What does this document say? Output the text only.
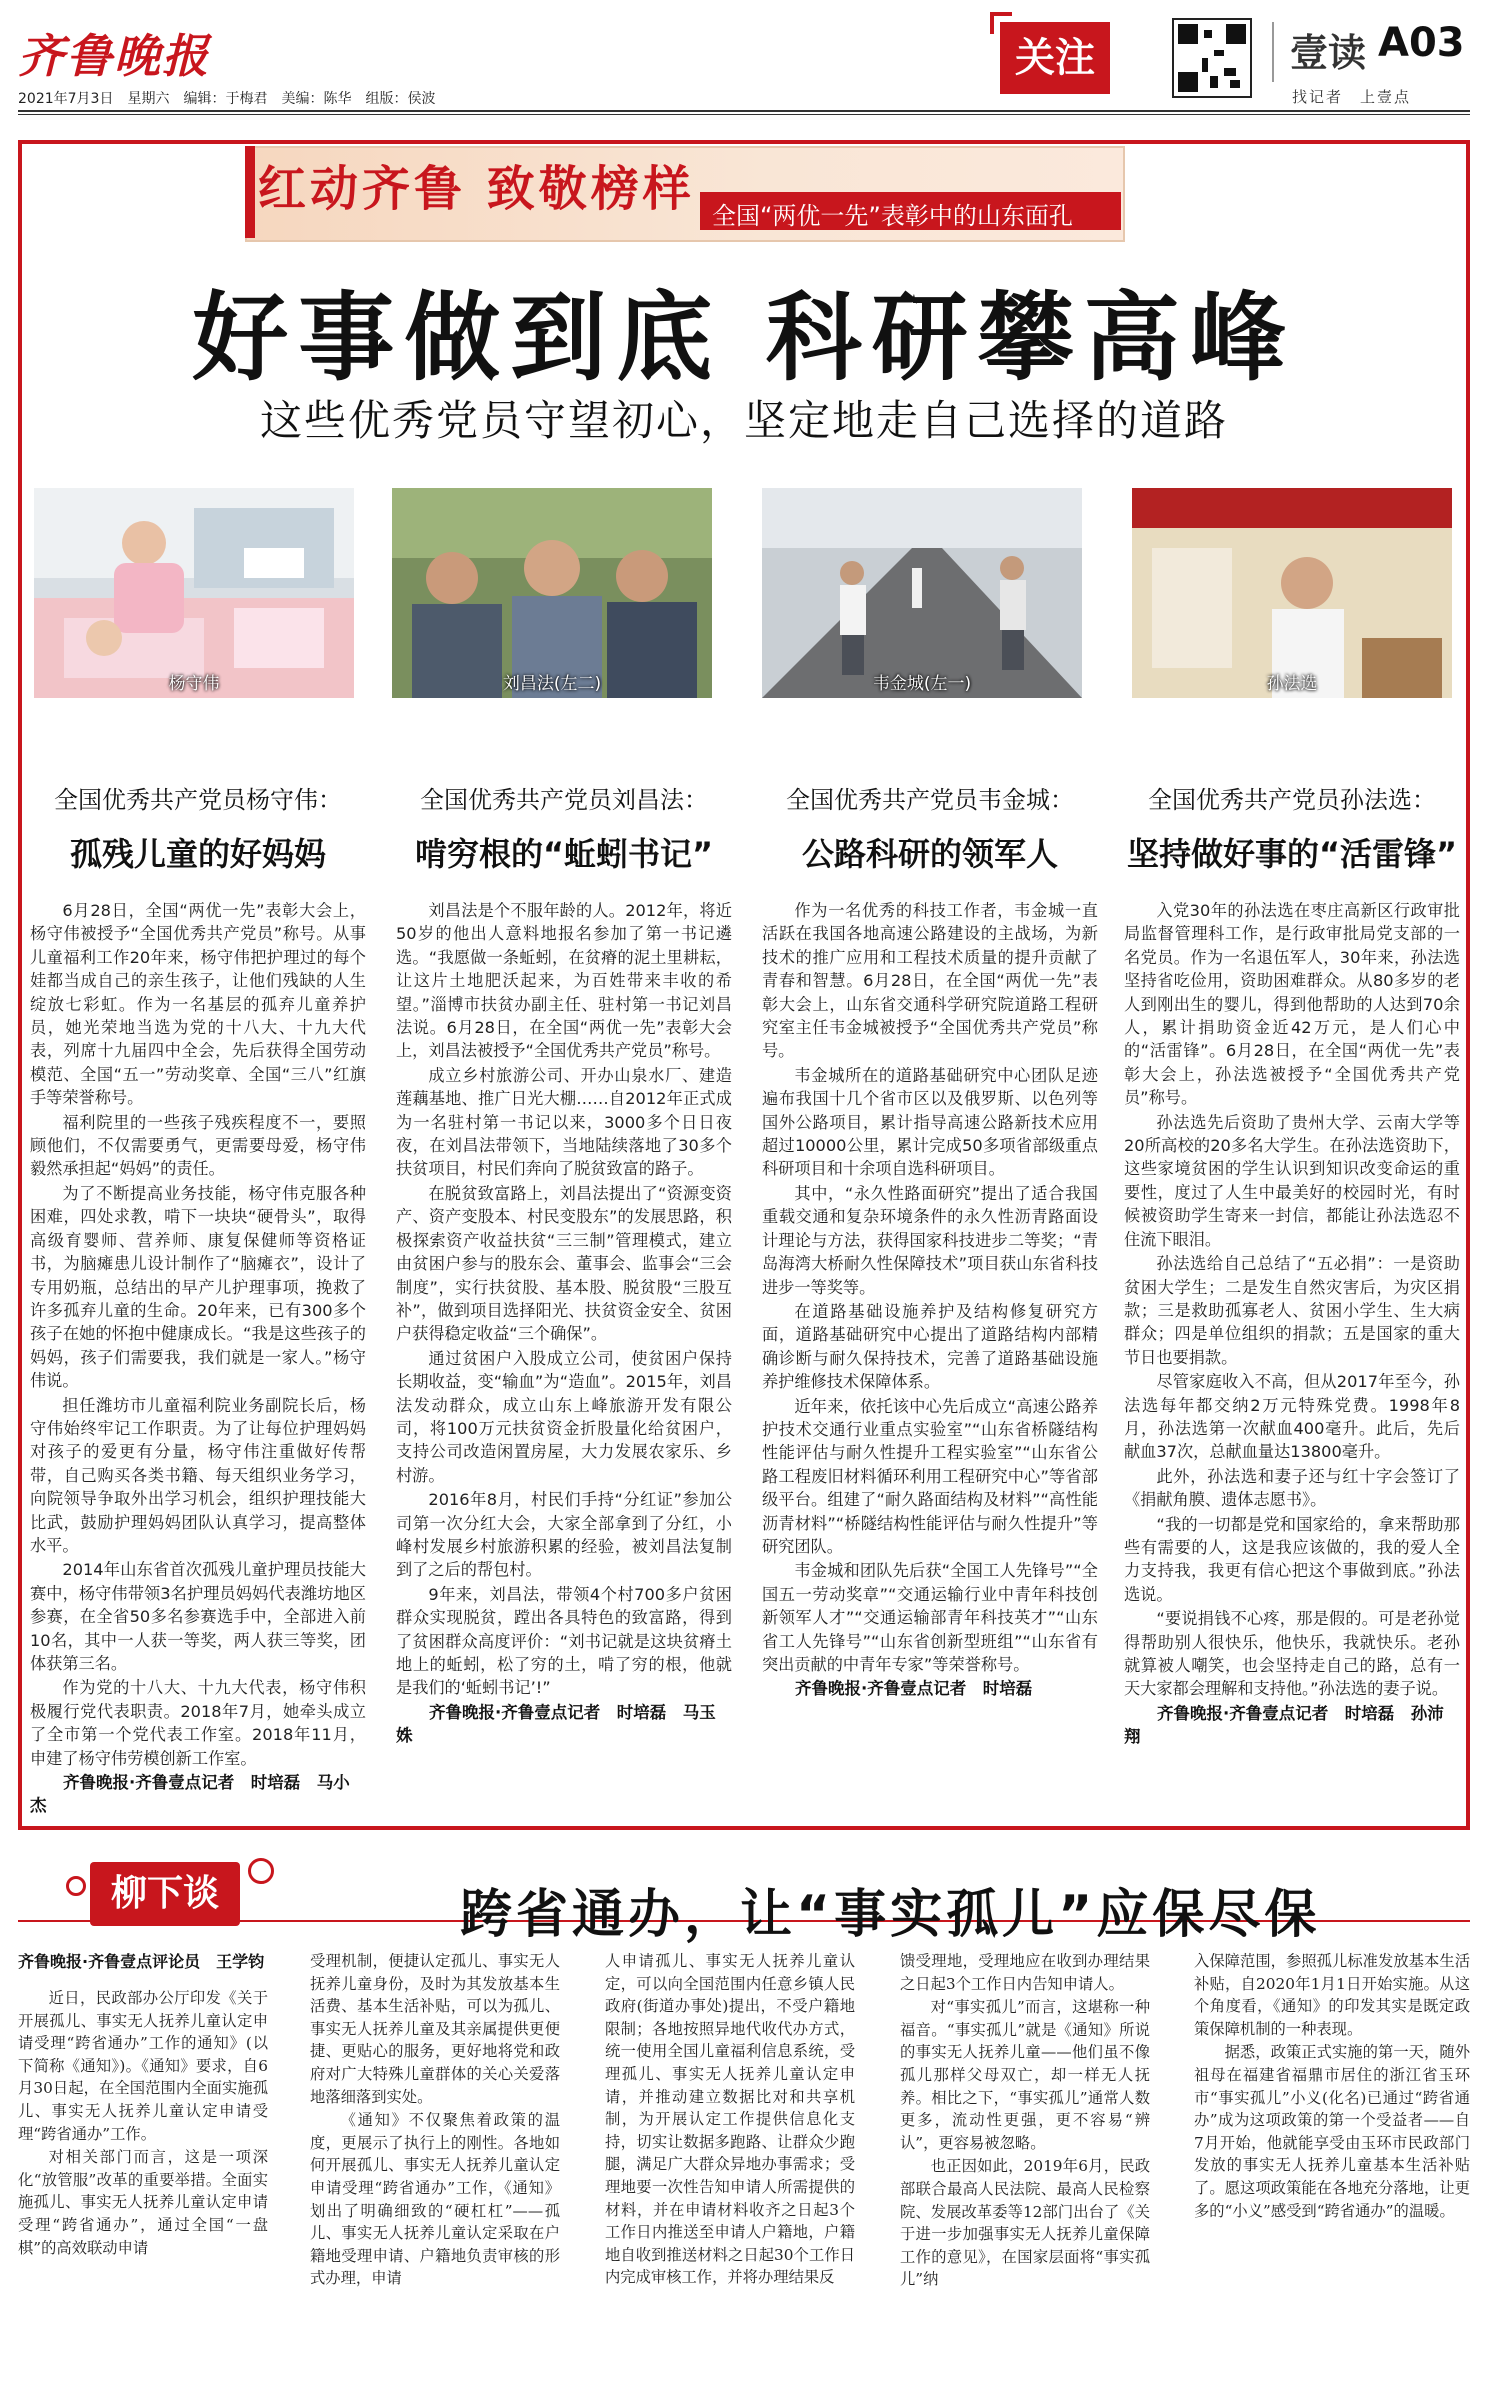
齐鲁晚报
2021年7月3日　星期六　编辑：于梅君　美编：陈华　组版：侯波
关注	壹读 A03
找记者　上壹点
红动齐鲁 致敬榜样 全国“两优一先”表彰中的山东面孔
好事做到底 科研攀高峰
这些优秀党员守望初心，坚定地走自己选择的道路
杨守伟	刘昌法(左二)	韦金城(左一)	孙法选
全国优秀共产党员杨守伟：
孤残儿童的好妈妈

6月28日，全国“两优一先”表彰大会上，杨守伟被授予“全国优秀共产党员”称号。从事儿童福利工作20年来，杨守伟把护理过的每个娃都当成自己的亲生孩子，让他们残缺的人生绽放七彩虹。作为一名基层的孤弃儿童养护员，她光荣地当选为党的十八大、十九大代表，列席十九届四中全会，先后获得全国劳动模范、全国“五一”劳动奖章、全国“三八”红旗手等荣誉称号。

福利院里的一些孩子残疾程度不一，要照顾他们，不仅需要勇气，更需要母爱，杨守伟毅然承担起“妈妈”的责任。

为了不断提高业务技能，杨守伟克服各种困难，四处求教，啃下一块块“硬骨头”，取得高级育婴师、营养师、康复保健师等资格证书，为脑瘫患儿设计制作了“脑瘫衣”，设计了专用奶瓶，总结出的早产儿护理事项，挽救了许多孤弃儿童的生命。20年来，已有300多个孩子在她的怀抱中健康成长。“我是这些孩子的妈妈，孩子们需要我，我们就是一家人。”杨守伟说。

担任潍坊市儿童福利院业务副院长后，杨守伟始终牢记工作职责。为了让每位护理妈妈对孩子的爱更有分量，杨守伟注重做好传帮带，自己购买各类书籍、每天组织业务学习，向院领导争取外出学习机会，组织护理技能大比武，鼓励护理妈妈团队认真学习，提高整体水平。

2014年山东省首次孤残儿童护理员技能大赛中，杨守伟带领3名护理员妈妈代表潍坊地区参赛，在全省50多名参赛选手中，全部进入前10名，其中一人获一等奖，两人获三等奖，团体获第三名。

作为党的十八大、十九大代表，杨守伟积极履行党代表职责。2018年7月，她牵头成立了全市第一个党代表工作室。2018年11月，申建了杨守伟劳模创新工作室。

齐鲁晚报·齐鲁壹点记者　时培磊　马小杰
全国优秀共产党员刘昌法：
啃穷根的“蚯蚓书记”

刘昌法是个不服年龄的人。2012年，将近50岁的他出人意料地报名参加了第一书记遴选。“我愿做一条蚯蚓，在贫瘠的泥土里耕耘，让这片土地肥沃起来，为百姓带来丰收的希望。”淄博市扶贫办副主任、驻村第一书记刘昌法说。6月28日，在全国“两优一先”表彰大会上，刘昌法被授予“全国优秀共产党员”称号。

成立乡村旅游公司、开办山泉水厂、建造莲藕基地、推广日光大棚……自2012年正式成为一名驻村第一书记以来，3000多个日日夜夜，在刘昌法带领下，当地陆续落地了30多个扶贫项目，村民们奔向了脱贫致富的路子。

在脱贫致富路上，刘昌法提出了“资源变资产、资产变股本、村民变股东”的发展思路，积极探索资产收益扶贫“三三制”管理模式，建立由贫困户参与的股东会、董事会、监事会“三会制度”，实行扶贫股、基本股、脱贫股“三股互补”，做到项目选择阳光、扶贫资金安全、贫困户获得稳定收益“三个确保”。

通过贫困户入股成立公司，使贫困户保持长期收益，变“输血”为“造血”。2015年，刘昌法发动群众，成立山东上峰旅游开发有限公司，将100万元扶贫资金折股量化给贫困户，支持公司改造闲置房屋，大力发展农家乐、乡村游。

2016年8月，村民们手持“分红证”参加公司第一次分红大会，大家全部拿到了分红，小峰村发展乡村旅游积累的经验，被刘昌法复制到了之后的帮包村。

9年来，刘昌法，带领4个村700多户贫困群众实现脱贫，蹚出各具特色的致富路，得到了贫困群众高度评价：“刘书记就是这块贫瘠土地上的蚯蚓，松了穷的土，啃了穷的根，他就是我们的‘蚯蚓书记’!”

齐鲁晚报·齐鲁壹点记者　时培磊　马玉姝
全国优秀共产党员韦金城：
公路科研的领军人

作为一名优秀的科技工作者，韦金城一直活跃在我国各地高速公路建设的主战场，为新技术的推广应用和工程技术质量的提升贡献了青春和智慧。6月28日，在全国“两优一先”表彰大会上，山东省交通科学研究院道路工程研究室主任韦金城被授予“全国优秀共产党员”称号。

韦金城所在的道路基础研究中心团队足迹遍布我国十几个省市区以及俄罗斯、以色列等国外公路项目，累计指导高速公路新技术应用超过10000公里，累计完成50多项省部级重点科研项目和十余项自选科研项目。

其中，“永久性路面研究”提出了适合我国重载交通和复杂环境条件的永久性沥青路面设计理论与方法，获得国家科技进步二等奖；“青岛海湾大桥耐久性保障技术”项目获山东省科技进步一等奖等。

在道路基础设施养护及结构修复研究方面，道路基础研究中心提出了道路结构内部精确诊断与耐久保持技术，完善了道路基础设施养护维修技术保障体系。

近年来，依托该中心先后成立“高速公路养护技术交通行业重点实验室”“山东省桥隧结构性能评估与耐久性提升工程实验室”“山东省公路工程废旧材料循环利用工程研究中心”等省部级平台。组建了“耐久路面结构及材料”“高性能沥青材料”“桥隧结构性能评估与耐久性提升”等研究团队。

韦金城和团队先后获“全国工人先锋号”“全国五一劳动奖章”“交通运输行业中青年科技创新领军人才”“交通运输部青年科技英才”“山东省工人先锋号”“山东省创新型班组”“山东省有突出贡献的中青年专家”等荣誉称号。

齐鲁晚报·齐鲁壹点记者　时培磊
全国优秀共产党员孙法选：
坚持做好事的“活雷锋”

入党30年的孙法选在枣庄高新区行政审批局监督管理科工作，是行政审批局党支部的一名党员。作为一名退伍军人，30年来，孙法选坚持省吃俭用，资助困难群众。从80多岁的老人到刚出生的婴儿，得到他帮助的人达到70余人，累计捐助资金近42万元，是人们心中的“活雷锋”。6月28日，在全国“两优一先”表彰大会上，孙法选被授予“全国优秀共产党员”称号。

孙法选先后资助了贵州大学、云南大学等20所高校的20多名大学生。在孙法选资助下，这些家境贫困的学生认识到知识改变命运的重要性，度过了人生中最美好的校园时光，有时候被资助学生寄来一封信，都能让孙法选忍不住流下眼泪。

孙法选给自己总结了“五必捐”：一是资助贫困大学生；二是发生自然灾害后，为灾区捐款；三是救助孤寡老人、贫困小学生、生大病群众；四是单位组织的捐款；五是国家的重大节日也要捐款。

尽管家庭收入不高，但从2017年至今，孙法选每年都交纳2万元特殊党费。1998年8月，孙法选第一次献血400毫升。此后，先后献血37次，总献血量达13800毫升。

此外，孙法选和妻子还与红十字会签订了《捐献角膜、遗体志愿书》。

“我的一切都是党和国家给的，拿来帮助那些有需要的人，这是我应该做的，我的爱人全力支持我，我更有信心把这个事做到底。”孙法选说。

“要说捐钱不心疼，那是假的。可是老孙觉得帮助别人很快乐，他快乐，我就快乐。老孙就算被人嘲笑，也会坚持走自己的路，总有一天大家都会理解和支持他。”孙法选的妻子说。

齐鲁晚报·齐鲁壹点记者　时培磊　孙沛翔
柳下谈	跨省通办，让“事实孤儿”应保尽保
齐鲁晚报·齐鲁壹点评论员　王学钧

近日，民政部办公厅印发《关于开展孤儿、事实无人抚养儿童认定申请受理“跨省通办”工作的通知》(以下简称《通知》)。《通知》要求，自6月30日起，在全国范围内全面实施孤儿、事实无人抚养儿童认定申请受理“跨省通办”工作。

对相关部门而言，这是一项深化“放管服”改革的重要举措。全面实施孤儿、事实无人抚养儿童认定申请受理“跨省通办”，通过全国“一盘棋”的高效联动申请

受理机制，便捷认定孤儿、事实无人抚养儿童身份，及时为其发放基本生活费、基本生活补贴，可以为孤儿、事实无人抚养儿童及其亲属提供更便捷、更贴心的服务，更好地将党和政府对广大特殊儿童群体的关心关爱落地落细落到实处。

《通知》不仅聚焦着政策的温度，更展示了执行上的刚性。各地如何开展孤儿、事实无人抚养儿童认定申请受理“跨省通办”工作，《通知》划出了明确细致的“硬杠杠”——孤儿、事实无人抚养儿童认定采取在户籍地受理申请、户籍地负责审核的形式办理，申请

人申请孤儿、事实无人抚养儿童认定，可以向全国范围内任意乡镇人民政府(街道办事处)提出，不受户籍地限制；各地按照异地代收代办方式，统一使用全国儿童福利信息系统，受理孤儿、事实无人抚养儿童认定申请，并推动建立数据比对和共享机制，为开展认定工作提供信息化支持，切实让数据多跑路、让群众少跑腿，满足广大群众异地办事需求；受理地要一次性告知申请人所需提供的材料，并在申请材料收齐之日起3个工作日内推送至申请人户籍地，户籍地自收到推送材料之日起30个工作日内完成审核工作，并将办理结果反

馈受理地，受理地应在收到办理结果之日起3个工作日内告知申请人。

对“事实孤儿”而言，这堪称一种福音。“事实孤儿”就是《通知》所说的事实无人抚养儿童——他们虽不像孤儿那样父母双亡，却一样无人抚养。相比之下，“事实孤儿”通常人数更多，流动性更强，更不容易“辨认”，更容易被忽略。

也正因如此，2019年6月，民政部联合最高人民法院、最高人民检察院、发展改革委等12部门出台了《关于进一步加强事实无人抚养儿童保障工作的意见》，在国家层面将“事实孤儿”纳

入保障范围，参照孤儿标准发放基本生活补贴，自2020年1月1日开始实施。从这个角度看，《通知》的印发其实是既定政策保障机制的一种表现。

据悉，政策正式实施的第一天，随外祖母在福建省福鼎市居住的浙江省玉环市“事实孤儿”小义(化名)已通过“跨省通办”成为这项政策的第一个受益者——自7月开始，他就能享受由玉环市民政部门发放的事实无人抚养儿童基本生活补贴了。愿这项政策能在各地充分落地，让更多的“小义”感受到“跨省通办”的温暖。
